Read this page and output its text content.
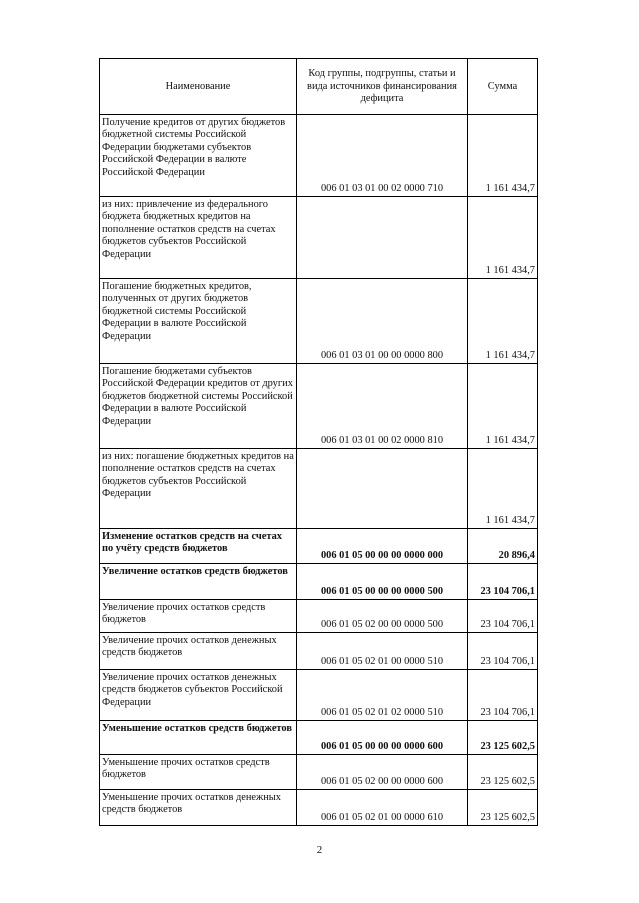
Наименование	Код группы, подгруппы, статьи и вида источников финансирования дефицита	Сумма
Получение кредитов от других бюджетов бюджетной системы Российской Федерации бюджетами субъектов Российской Федерации в валюте Российской Федерации	006 01 03 01 00 02 0000 710	1 161 434,7
из них: привлечение из федерального бюджета бюджетных кредитов на пополнение остатков средств на счетах бюджетов субъектов Российской Федерации		1 161 434,7
Погашение бюджетных кредитов, полученных от других бюджетов бюджетной системы Российской Федерации в валюте Российской Федерации	006 01 03 01 00 00 0000 800	1 161 434,7
Погашение бюджетами субъектов Российской Федерации кредитов от других бюджетов бюджетной системы Российской Федерации в валюте Российской Федерации	006 01 03 01 00 02 0000 810	1 161 434,7
из них: погашение бюджетных кредитов на пополнение остатков средств на счетах бюджетов субъектов Российской Федерации		1 161 434,7
Изменение остатков средств на счетах по учёту средств бюджетов	006 01 05 00 00 00 0000 000	20 896,4
Увеличение остатков средств бюджетов	006 01 05 00 00 00 0000 500	23 104 706,1
Увеличение прочих остатков средств бюджетов	006 01 05 02 00 00 0000 500	23 104 706,1
Увеличение прочих остатков денежных средств бюджетов	006 01 05 02 01 00 0000 510	23 104 706,1
Увеличение прочих остатков денежных средств бюджетов субъектов Российской Федерации	006 01 05 02 01 02 0000 510	23 104 706,1
Уменьшение остатков средств бюджетов	006 01 05 00 00 00 0000 600	23 125 602,5
Уменьшение прочих остатков средств бюджетов	006 01 05 02 00 00 0000 600	23 125 602,5
Уменьшение прочих остатков денежных средств бюджетов	006 01 05 02 01 00 0000 610	23 125 602,5
2
